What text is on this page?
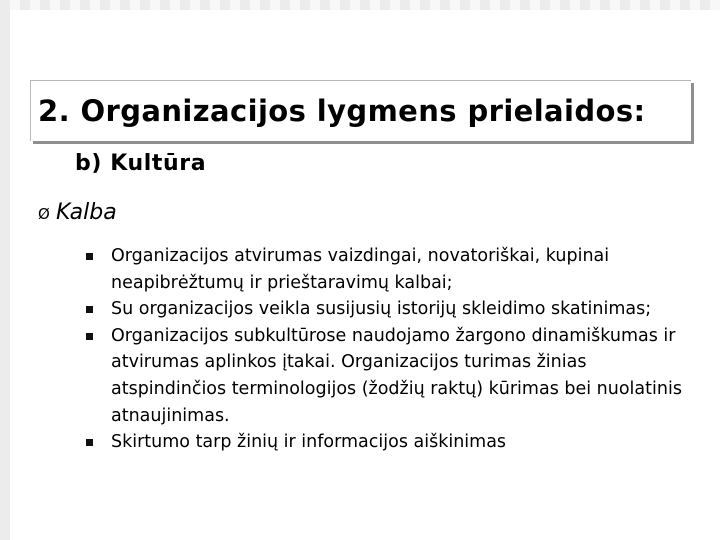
2. Organizacijos lygmens prielaidos:
b) Kultūra
Ø Kalba
Organizacijos atvirumas vaizdingai, novatoriškai, kupinai neapibrėžtumų ir prieštaravimų kalbai;
Su organizacijos veikla susijusių istorijų skleidimo skatinimas;
Organizacijos subkultūrose naudojamo žargono dinamiškumas ir atvirumas aplinkos įtakai. Organizacijos turimas žinias atspindinčios terminologijos (žodžių raktų) kūrimas bei nuolatinis atnaujinimas.
Skirtumo tarp žinių ir informacijos aiškinimas
